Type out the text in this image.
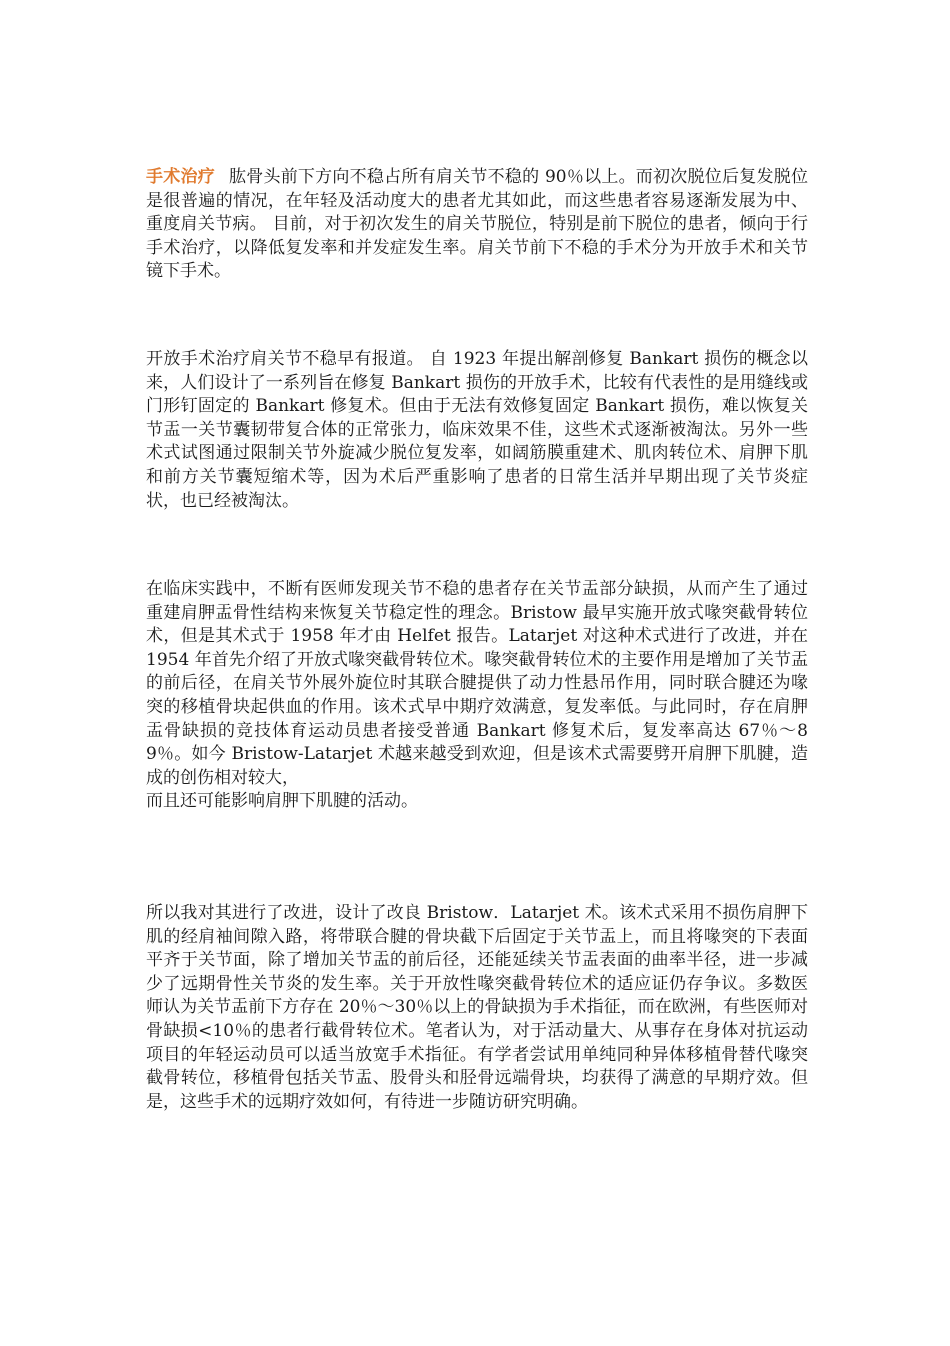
手术治疗 肱骨头前下方向不稳占所有肩关节不稳的 90％以上。而初次脱位后复发脱位是很普遍的情况，在年轻及活动度大的患者尤其如此，而这些患者容易逐渐发展为中、重度肩关节病。 目前，对于初次发生的肩关节脱位，特别是前下脱位的患者，倾向于行手术治疗，以降低复发率和并发症发生率。肩关节前下不稳的手术分为开放手术和关节镜下手术。

开放手术治疗肩关节不稳早有报道。 自 1923 年提出解剖修复 Bankart 损伤的概念以来，人们设计了一系列旨在修复 Bankart 损伤的开放手术，比较有代表性的是用缝线或门形钉固定的 Bankart 修复术。但由于无法有效修复固定 Bankart 损伤，难以恢复关节盂一关节囊韧带复合体的正常张力，临床效果不佳，这些术式逐渐被淘汰。另外一些术式试图通过限制关节外旋减少脱位复发率，如阔筋膜重建术、肌肉转位术、肩胛下肌和前方关节囊短缩术等，因为术后严重影响了患者的日常生活并早期出现了关节炎症状，也已经被淘汰。

在临床实践中，不断有医师发现关节不稳的患者存在关节盂部分缺损，从而产生了通过重建肩胛盂骨性结构来恢复关节稳定性的理念。Bristow 最早实施开放式喙突截骨转位术，但是其术式于 1958 年才由 Helfet 报告。Latarjet 对这种术式进行了改进，并在 1954 年首先介绍了开放式喙突截骨转位术。喙突截骨转位术的主要作用是增加了关节盂的前后径，在肩关节外展外旋位时其联合腱提供了动力性悬吊作用，同时联合腱还为喙突的移植骨块起供血的作用。该术式早中期疗效满意，复发率低。与此同时，存在肩胛盂骨缺损的竞技体育运动员患者接受普通 Bankart 修复术后，复发率高达 67％～89％。如今 Bristow-Latarjet 术越来越受到欢迎，但是该术式需要劈开肩胛下肌腱，造成的创伤相对较大，
而且还可能影响肩胛下肌腱的活动。

所以我对其进行了改进，设计了改良 Bristow．Latarjet 术。该术式采用不损伤肩胛下肌的经肩袖间隙入路，将带联合腱的骨块截下后固定于关节盂上，而且将喙突的下表面平齐于关节面，除了增加关节盂的前后径，还能延续关节盂表面的曲率半径，进一步减少了远期骨性关节炎的发生率。关于开放性喙突截骨转位术的适应证仍存争议。多数医师认为关节盂前下方存在 20％～30％以上的骨缺损为手术指征，而在欧洲，有些医师对骨缺损<10％的患者行截骨转位术。笔者认为，对于活动量大、从事存在身体对抗运动项目的年轻运动员可以适当放宽手术指征。有学者尝试用单纯同种异体移植骨替代喙突截骨转位，移植骨包括关节盂、股骨头和胫骨远端骨块，均获得了满意的早期疗效。但是，这些手术的远期疗效如何，有待进一步随访研究明确。
